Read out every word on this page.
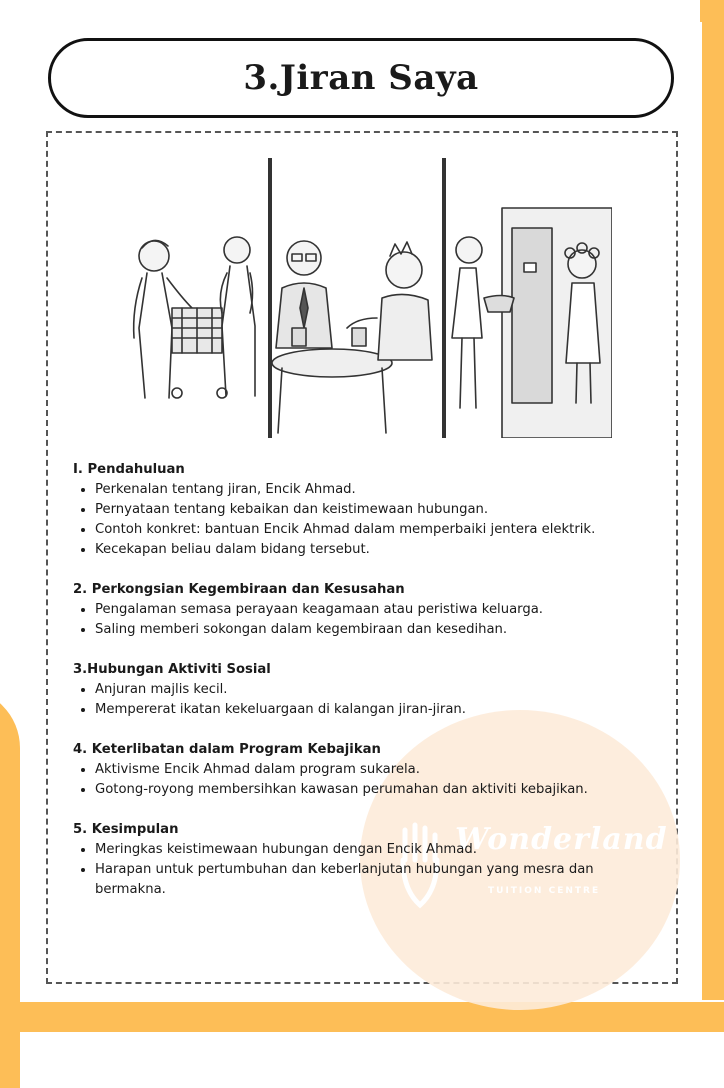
3.Jiran Saya
Wonderland
TUITION CENTRE

I. Pendahuluan

• Perkenalan tentang jiran, Encik Ahmad.
• Pernyataan tentang kebaikan dan keistimewaan hubungan.
• Contoh konkret: bantuan Encik Ahmad dalam memperbaiki jentera elektrik.
• Kecekapan beliau dalam bidang tersebut.

2. Perkongsian Kegembiraan dan Kesusahan

• Pengalaman semasa perayaan keagamaan atau peristiwa keluarga.
• Saling memberi sokongan dalam kegembiraan dan kesedihan.

3.Hubungan Aktiviti Sosial

• Anjuran majlis kecil.
• Mempererat ikatan kekeluargaan di kalangan jiran-jiran.

4. Keterlibatan dalam Program Kebajikan

• Aktivisme Encik Ahmad dalam program sukarela.
• Gotong-royong membersihkan kawasan perumahan dan aktiviti kebajikan.

5. Kesimpulan

• Meringkas keistimewaan hubungan dengan Encik Ahmad.
• Harapan untuk pertumbuhan dan keberlanjutan hubungan yang mesra dan bermakna.
